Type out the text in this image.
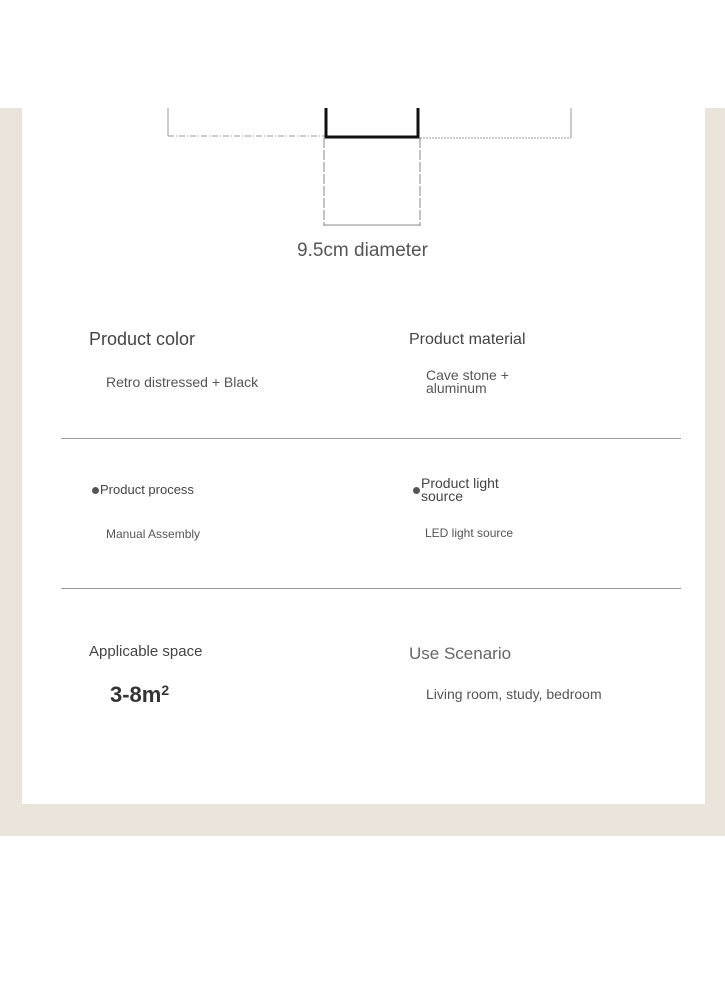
9.5cm diameter
Product color
Retro distressed + Black
Product material
Cave stone +
aluminum
Product process
Manual Assembly
Product light
source
LED light source
Applicable space
$3-8m^2$
Use Scenario
Living room, study, bedroom
